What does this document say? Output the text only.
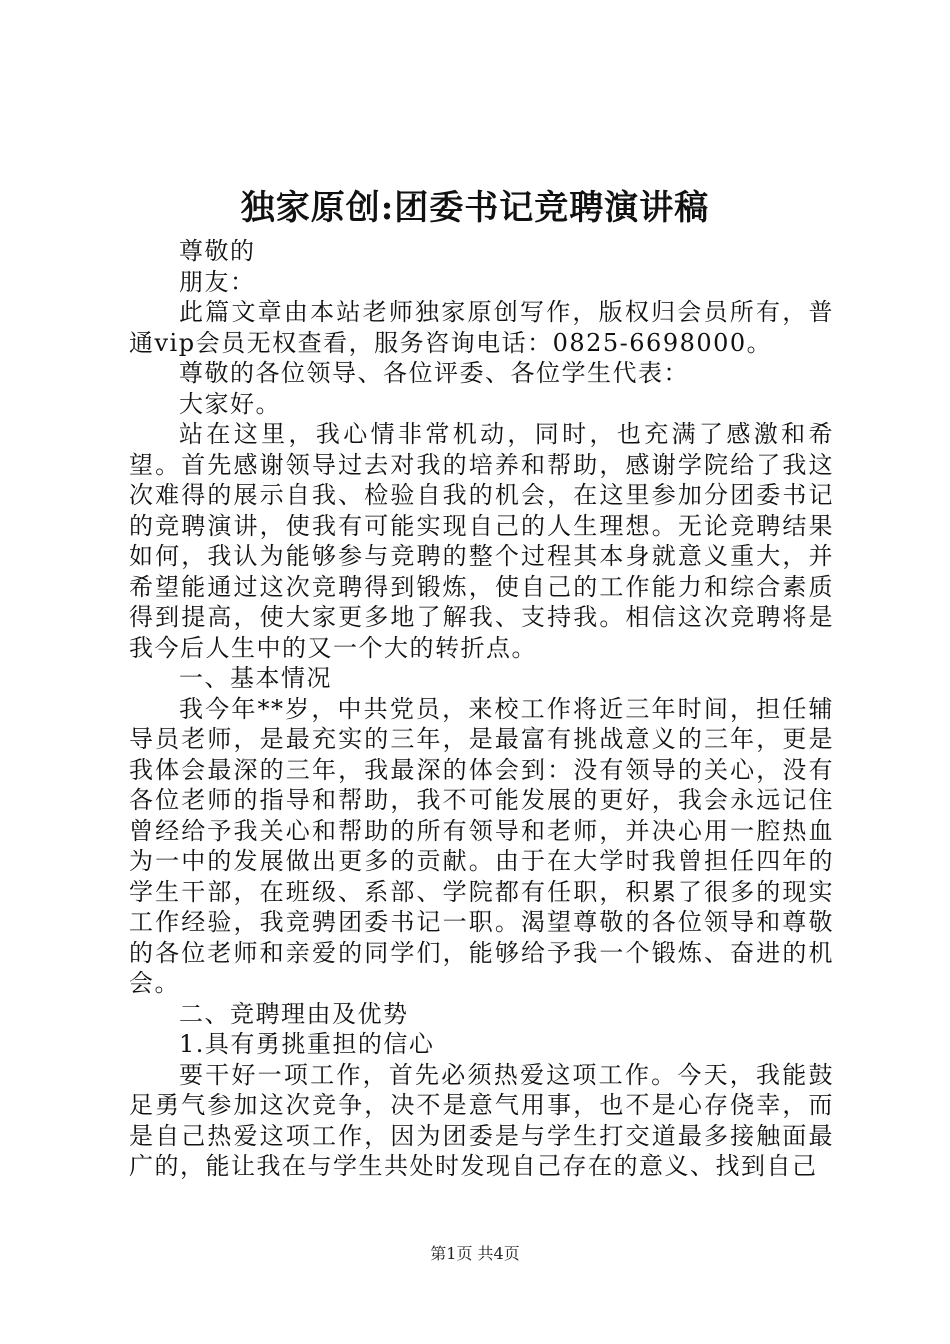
独家原创:团委书记竞聘演讲稿

尊敬的

朋友：

此篇文章由本站老师独家原创写作，版权归会员所有，普通vip会员无权查看，服务咨询电话：0825-6698000。

尊敬的各位领导、各位评委、各位学生代表：

大家好。

站在这里，我心情非常机动，同时，也充满了感激和希望。首先感谢领导过去对我的培养和帮助，感谢学院给了我这次难得的展示自我、检验自我的机会，在这里参加分团委书记的竞聘演讲，使我有可能实现自己的人生理想。无论竞聘结果如何，我认为能够参与竞聘的整个过程其本身就意义重大，并希望能通过这次竞聘得到锻炼，使自己的工作能力和综合素质得到提高，使大家更多地了解我、支持我。相信这次竞聘将是我今后人生中的又一个大的转折点。

一、基本情况

我今年**岁，中共党员，来校工作将近三年时间，担任辅导员老师，是最充实的三年，是最富有挑战意义的三年，更是我体会最深的三年，我最深的体会到：没有领导的关心，没有各位老师的指导和帮助，我不可能发展的更好，我会永远记住曾经给予我关心和帮助的所有领导和老师，并决心用一腔热血为一中的发展做出更多的贡献。由于在大学时我曾担任四年的学生干部，在班级、系部、学院都有任职，积累了很多的现实工作经验，我竞骋团委书记一职。渴望尊敬的各位领导和尊敬的各位老师和亲爱的同学们，能够给予我一个锻炼、奋进的机会。

二、竞聘理由及优势

1.具有勇挑重担的信心

要干好一项工作，首先必须热爱这项工作。今天，我能鼓足勇气参加这次竞争，决不是意气用事，也不是心存侥幸，而是自己热爱这项工作，因为团委是与学生打交道最多接触面最广的，能让我在与学生共处时发现自己存在的意义、找到自己

第1页 共4页
